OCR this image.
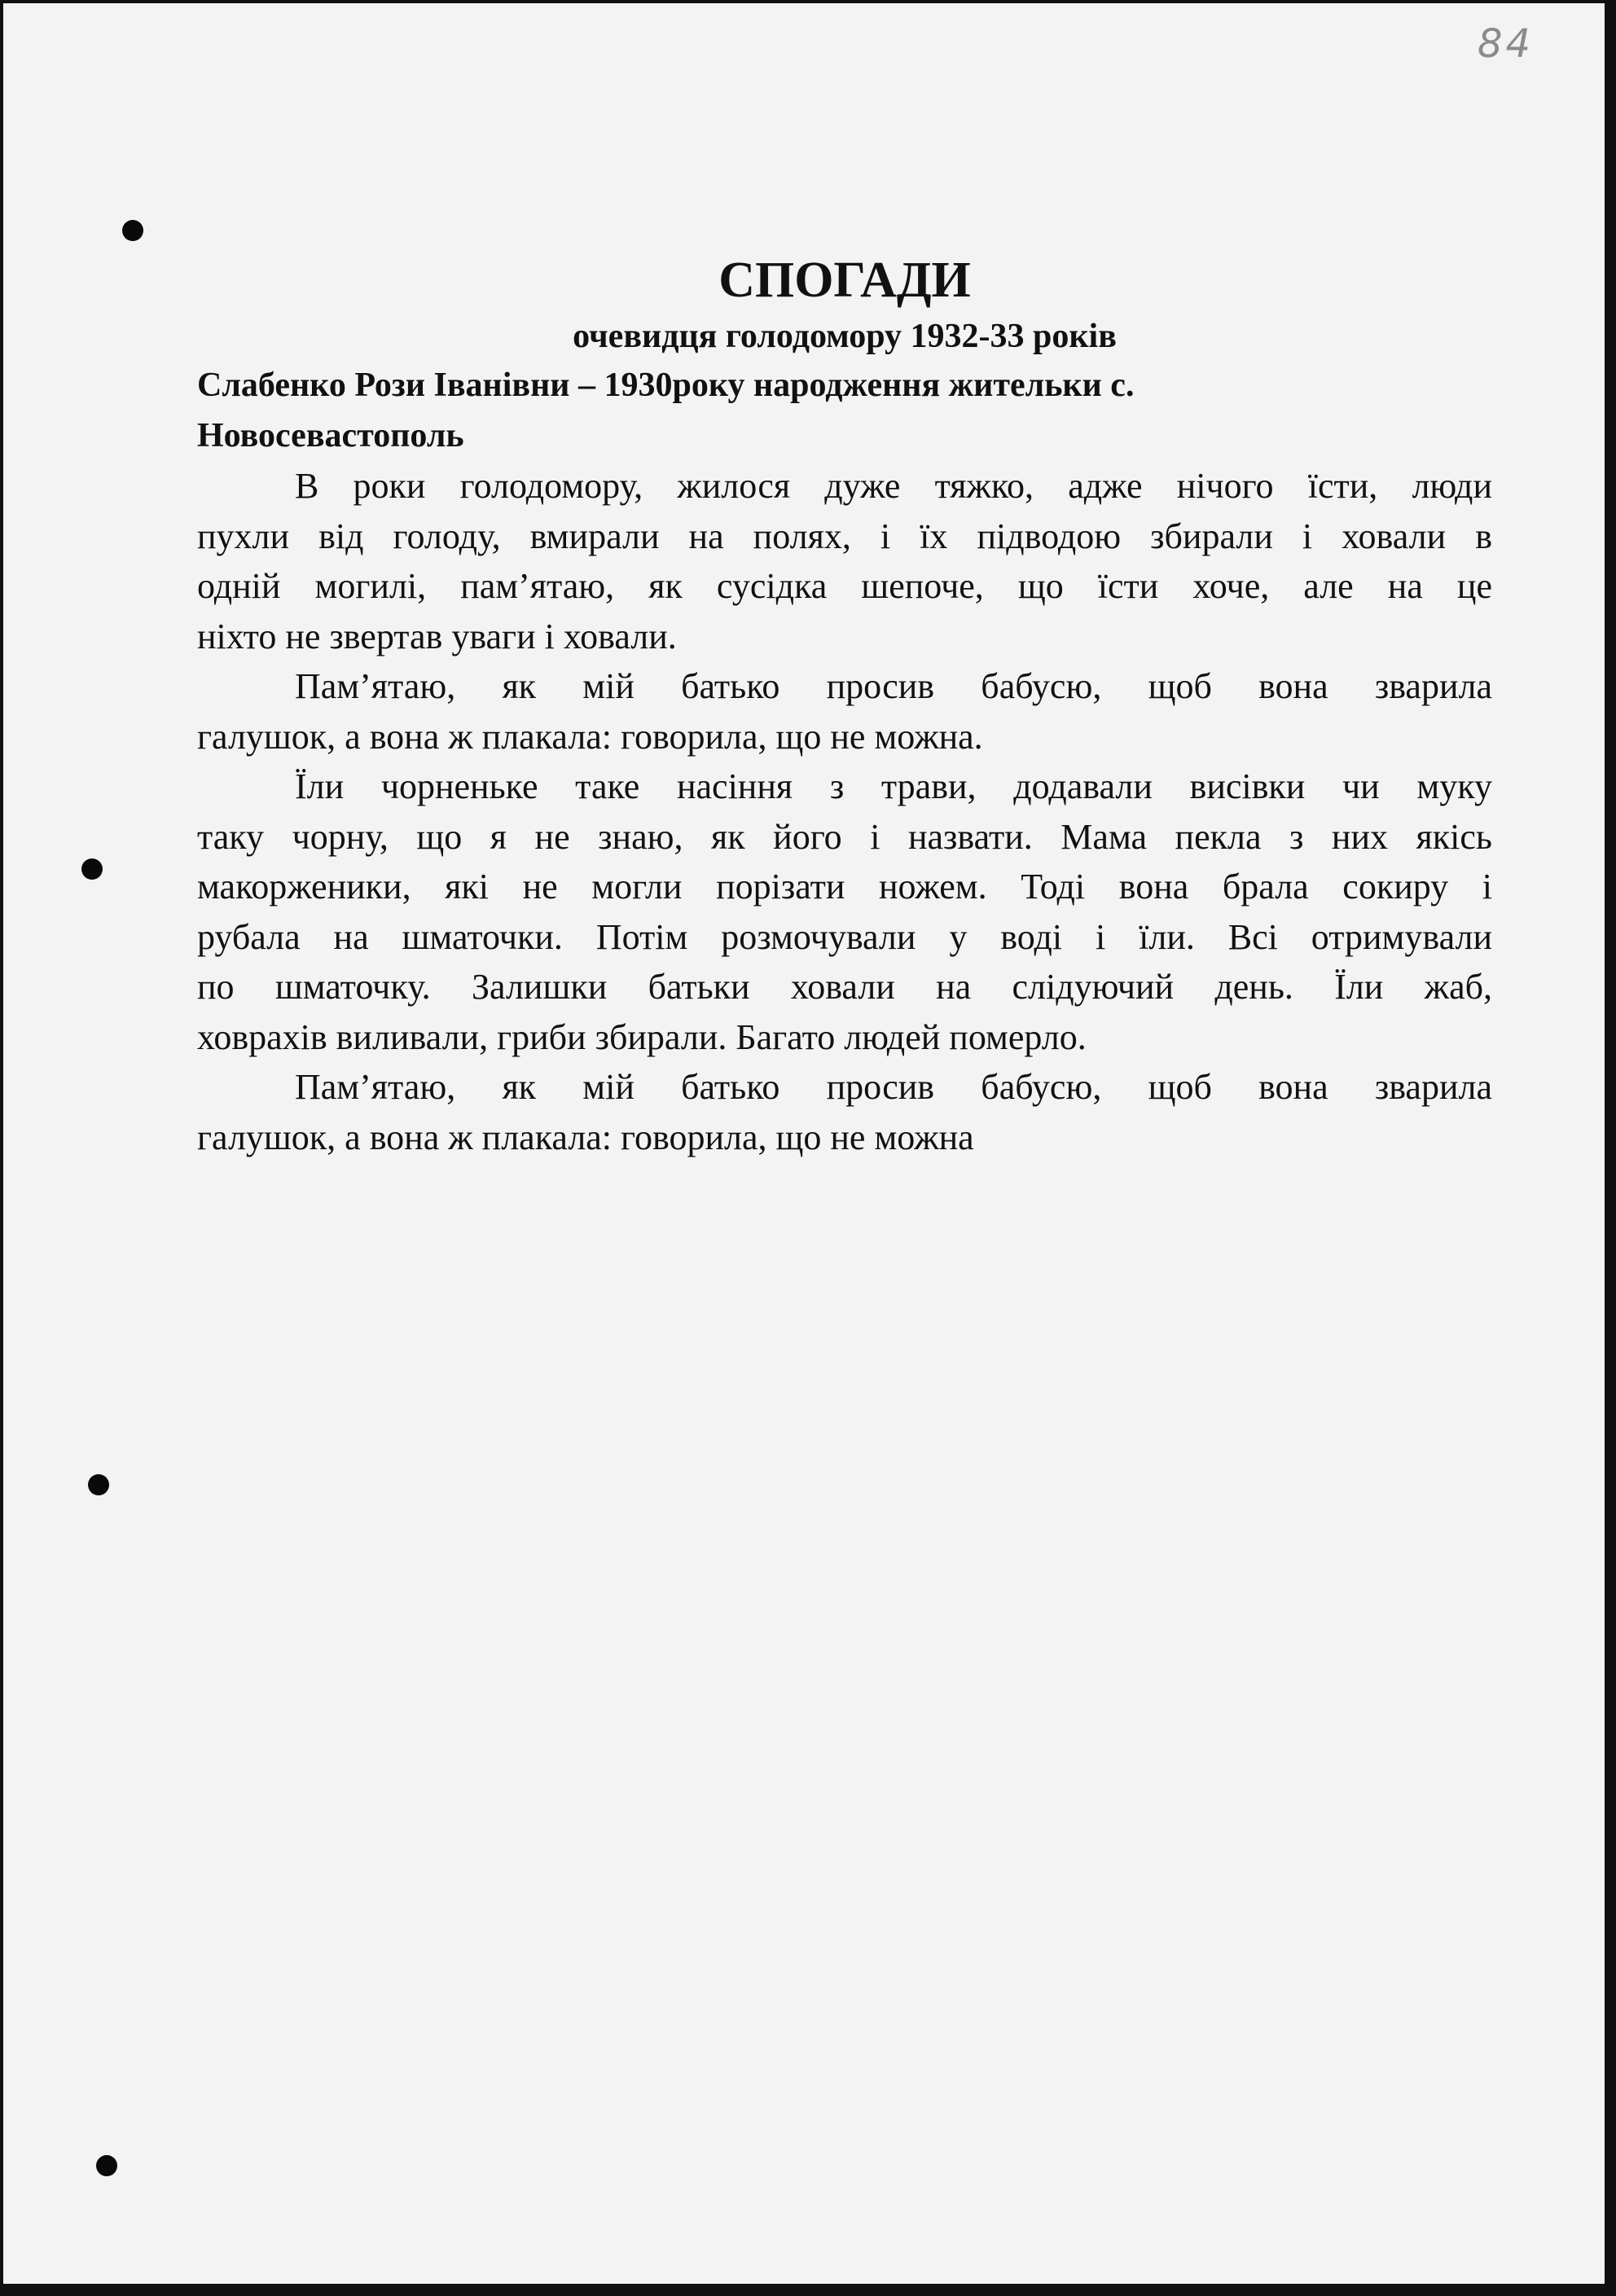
84
СПОГАДИ
очевидця голодомору 1932-33 років
Слабенко Рози Іванівни – 1930року народження жительки с.
Новосевастополь
В роки голодомору, жилося дуже тяжко, адже нічого їсти, люди
пухли від голоду, вмирали на полях, і їх підводою збирали і ховали в
одній могилі, пам’ятаю, як сусідка шепоче, що їсти хоче, але на це
ніхто не звертав уваги і ховали.
Пам’ятаю, як мій батько просив бабусю, щоб вона зварила
галушок, а вона ж плакала: говорила, що не можна.
Їли чорненьке таке насіння з трави, додавали висівки чи муку
таку чорну, що я не знаю, як його і назвати. Мама пекла з них якісь
макорженики, які не могли порізати ножем. Тоді вона брала сокиру і
рубала на шматочки. Потім розмочували у воді і їли. Всі отримували
по шматочку. Залишки батьки ховали на слідуючий день. Їли жаб,
ховрахів виливали, гриби збирали. Багато людей померло.
Пам’ятаю, як мій батько просив бабусю, щоб вона зварила
галушок, а вона ж плакала: говорила, що не можна
